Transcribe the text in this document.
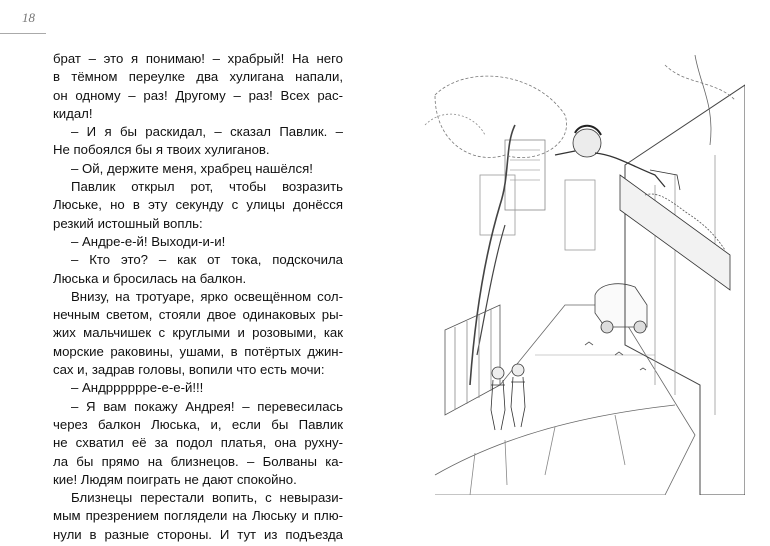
18
брат – это я понимаю! – храбрый! На него
в тёмном переулке два хулигана напали,
он одному – раз! Другому – раз! Всех рас-
кидал!
– И я бы раскидал, – сказал Павлик. –
Не побоялся бы я твоих хулиганов.
– Ой, держите меня, храбрец нашёлся!
Павлик открыл рот, чтобы возразить
Люське, но в эту секунду с улицы донёсся
резкий истошный вопль:
– Андре-е-й! Выходи-и-и!
– Кто это? – как от тока, подскочила
Люська и бросилась на балкон.
Внизу, на тротуаре, ярко освещённом сол-
нечным светом, стояли двое одинаковых ры-
жих мальчишек с круглыми и розовыми, как
морские раковины, ушами, в потёртых джин-
сах и, задрав головы, вопили что есть мочи:
– Андрррррре-е-е-й!!!
– Я вам покажу Андрея! – перевесилась
через балкон Люська, и, если бы Павлик
не схватил её за подол платья, она рухну-
ла бы прямо на близнецов. – Болваны ка-
кие! Людям поиграть не дают спокойно.
Близнецы перестали вопить, с невырази-
мым презрением поглядели на Люську и плю-
нули в разные стороны. И тут из подъезда
